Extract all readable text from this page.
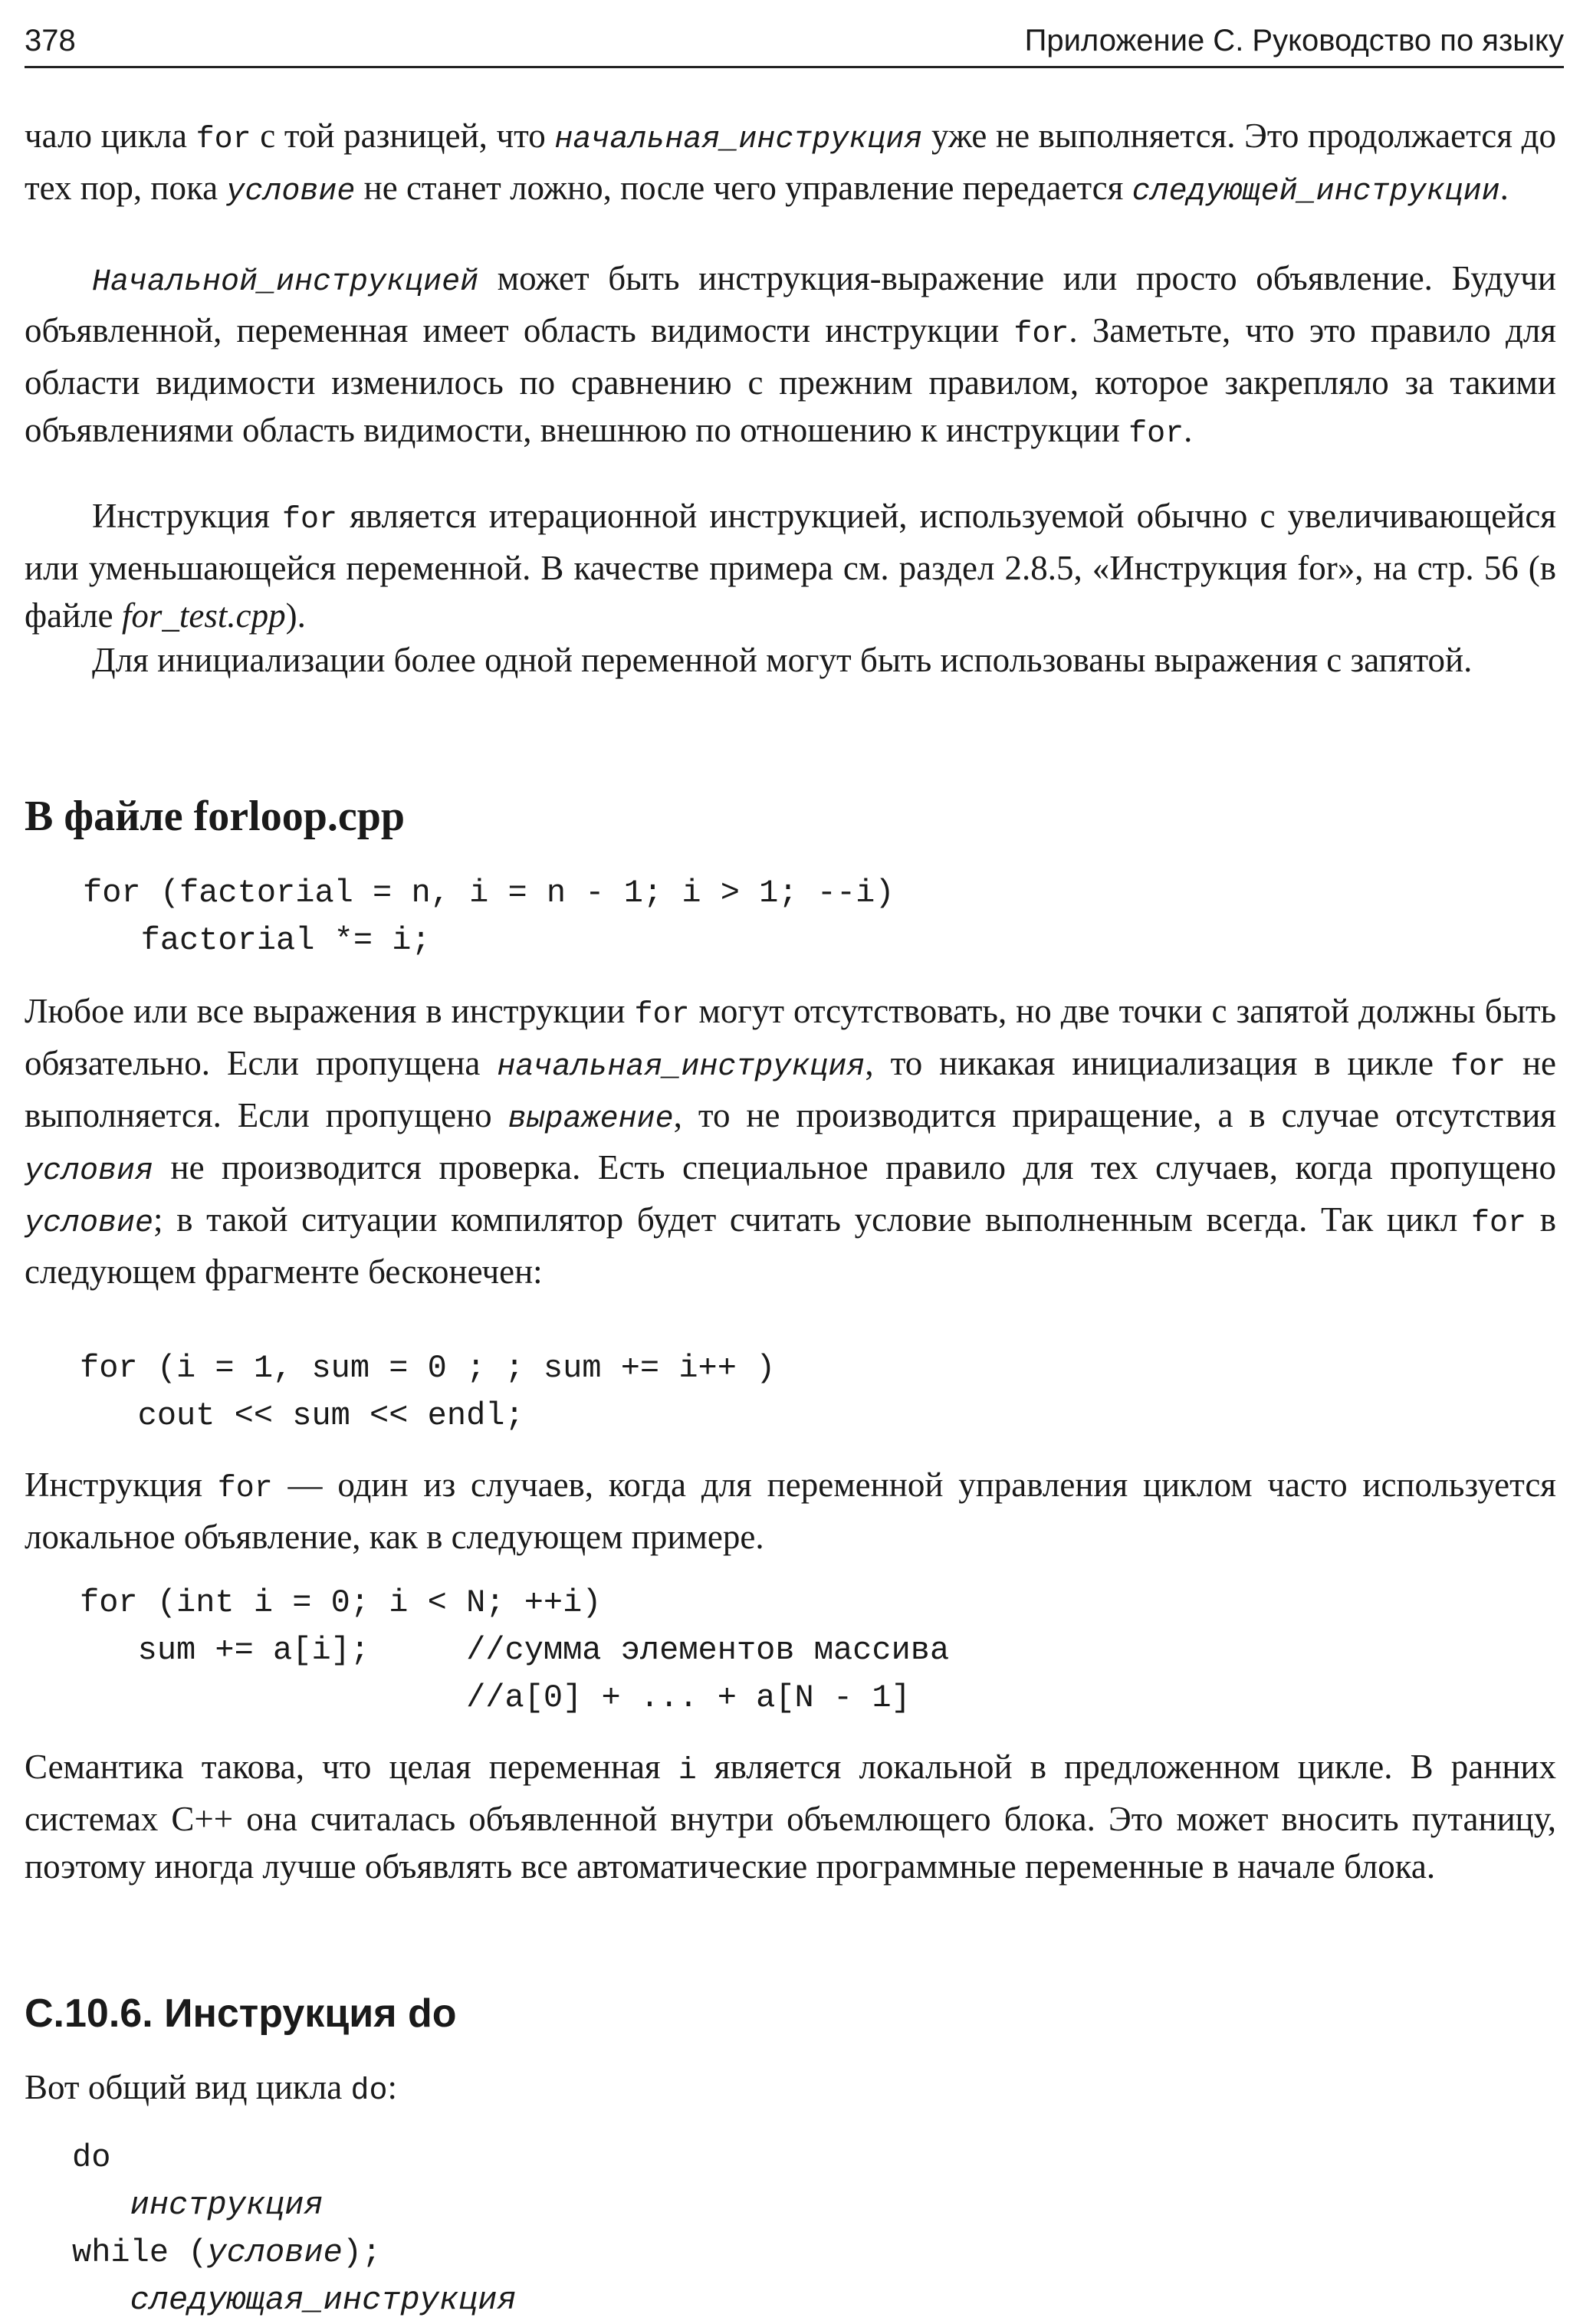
378	Приложение С. Руководство по языку

чало цикла for с той разницей, что начальная_инструкция уже не выполняется. Это продолжается до тех пор, пока условие не станет ложно, после чего управление передается следующей_инструкции.

Начальной_инструкцией может быть инструкция-выражение или просто объявление. Будучи объявленной, переменная имеет область видимости инструкции for. Заметьте, что это правило для области видимости изменилось по сравнению с прежним правилом, которое закрепляло за такими объявлениями область видимости, внешнюю по отношению к инструкции for.

Инструкция for является итерационной инструкцией, используемой обычно с увеличивающейся или уменьшающейся переменной. В качестве примера см. раздел 2.8.5, «Инструкция for», на стр. 56 (в файле for_test.cpp).

Для инициализации более одной переменной могут быть использованы выражения с запятой.

В файле forloop.cpp
for (factorial = n, i = n - 1; i > 1; --i)
factorial *= i;

Любое или все выражения в инструкции for могут отсутствовать, но две точки с запятой должны быть обязательно. Если пропущена начальная_инструкция, то никакая инициализация в цикле for не выполняется. Если пропущено выражение, то не производится приращение, а в случае отсутствия условия не производится проверка. Есть специальное правило для тех случаев, когда пропущено условие; в такой ситуации компилятор будет считать условие выполненным всегда. Так цикл for в следующем фрагменте бесконечен:

for (i = 1, sum = 0 ; ; sum += i++ )
cout << sum << endl;

Инструкция for — один из случаев, когда для переменной управления циклом часто используется локальное объявление, как в следующем примере.

for (int i = 0; i < N; ++i)
sum += a[i];     //сумма элементов массива
//a[0] + ... + a[N - 1]

Семантика такова, что целая переменная i является локальной в предложенном цикле. В ранних системах С++ она считалась объявленной внутри объемлющего блока. Это может вносить путаницу, поэтому иногда лучше объявлять все автоматические программные переменные в начале блока.

С.10.6. Инструкция do

Вот общий вид цикла do:

do
инструкция
while (условие);
следующая_инструкция
